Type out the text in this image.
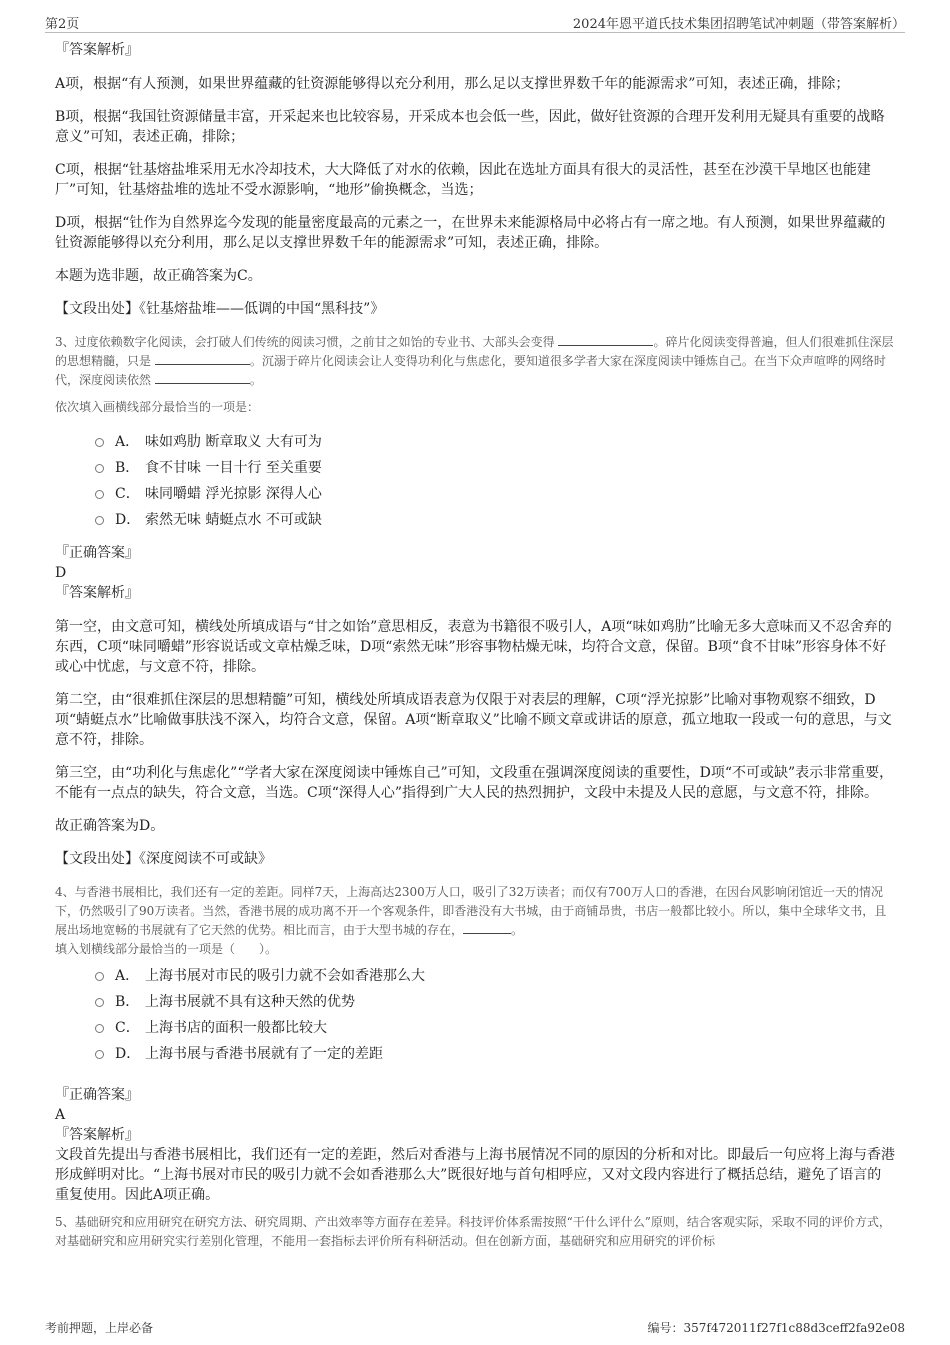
第2页	2024年恩平道氏技术集团招聘笔试冲刺题（带答案解析）
『答案解析』

A项，根据“有人预测，如果世界蕴藏的钍资源能够得以充分利用，那么足以支撑世界数千年的能源需求”可知，表述正确，排除；

B项，根据“我国钍资源储量丰富，开采起来也比较容易，开采成本也会低一些，因此，做好钍资源的合理开发利用无疑具有重要的战略意义”可知，表述正确，排除；

C项，根据“钍基熔盐堆采用无水冷却技术，大大降低了对水的依赖，因此在选址方面具有很大的灵活性，甚至在沙漠干旱地区也能建厂”可知，钍基熔盐堆的选址不受水源影响，“地形”偷换概念，当选；

D项，根据“钍作为自然界迄今发现的能量密度最高的元素之一，在世界未来能源格局中必将占有一席之地。有人预测，如果世界蕴藏的钍资源能够得以充分利用，那么足以支撑世界数千年的能源需求”可知，表述正确，排除。

本题为选非题，故正确答案为C。

【文段出处】《钍基熔盐堆——低调的中国“黑科技”》

3、过度依赖数字化阅读，会打破人们传统的阅读习惯，之前甘之如饴的专业书、大部头会变得	。碎片化阅读变得普遍，但人们很难抓住深层的思想精髓，只是	。沉溺于碎片化阅读会让人变得功利化与焦虑化，要知道很多学者大家在深度阅读中锤炼自己。在当下众声喧哗的网络时代，深度阅读依然	。

依次填入画横线部分最恰当的一项是：

A． 味如鸡肋 断章取义 大有可为
B． 食不甘味 一目十行 至关重要
C． 味同嚼蜡 浮光掠影 深得人心
D． 索然无味 蜻蜓点水 不可或缺
『正确答案』
D
『答案解析』

第一空，由文意可知，横线处所填成语与“甘之如饴”意思相反，表意为书籍很不吸引人，A项“味如鸡肋”比喻无多大意味而又不忍舍弃的东西，C项“味同嚼蜡”形容说话或文章枯燥乏味，D项“索然无味”形容事物枯燥无味，均符合文意，保留。B项“食不甘味”形容身体不好或心中忧虑，与文意不符，排除。

第二空，由“很难抓住深层的思想精髓”可知，横线处所填成语表意为仅限于对表层的理解，C项“浮光掠影”比喻对事物观察不细致，D项“蜻蜓点水”比喻做事肤浅不深入，均符合文意，保留。A项“断章取义”比喻不顾文章或讲话的原意，孤立地取一段或一句的意思，与文意不符，排除。

第三空，由“功利化与焦虑化”“学者大家在深度阅读中锤炼自己”可知，文段重在强调深度阅读的重要性，D项“不可或缺”表示非常重要，不能有一点点的缺失，符合文意，当选。C项“深得人心”指得到广大人民的热烈拥护，文段中未提及人民的意愿，与文意不符，排除。

故正确答案为D。

【文段出处】《深度阅读不可或缺》

4、与香港书展相比，我们还有一定的差距。同样7天，上海高达2300万人口，吸引了32万读者；而仅有700万人口的香港，在因台风影响闭馆近一天的情况下，仍然吸引了90万读者。当然，香港书展的成功离不开一个客观条件，即香港没有大书城，由于商铺昂贵，书店一般都比较小。所以，集中全球华文书，且展出场地宽畅的书展就有了它天然的优势。相比而言，由于大型书城的存在，	。

填入划横线部分最恰当的一项是（　　）。

A． 上海书展对市民的吸引力就不会如香港那么大
B． 上海书展就不具有这种天然的优势
C． 上海书店的面积一般都比较大
D． 上海书展与香港书展就有了一定的差距
『正确答案』
A
『答案解析』

文段首先提出与香港书展相比，我们还有一定的差距，然后对香港与上海书展情况不同的原因的分析和对比。即最后一句应将上海与香港形成鲜明对比。“上海书展对市民的吸引力就不会如香港那么大”既很好地与首句相呼应，又对文段内容进行了概括总结，避免了语言的重复使用。因此A项正确。

5、基础研究和应用研究在研究方法、研究周期、产出效率等方面存在差异。科技评价体系需按照“干什么评什么”原则，结合客观实际，采取不同的评价方式，对基础研究和应用研究实行差别化管理，不能用一套指标去评价所有科研活动。但在创新方面，基础研究和应用研究的评价标

考前押题，上岸必备	编号：357f472011f27f1c88d3ceff2fa92e08
